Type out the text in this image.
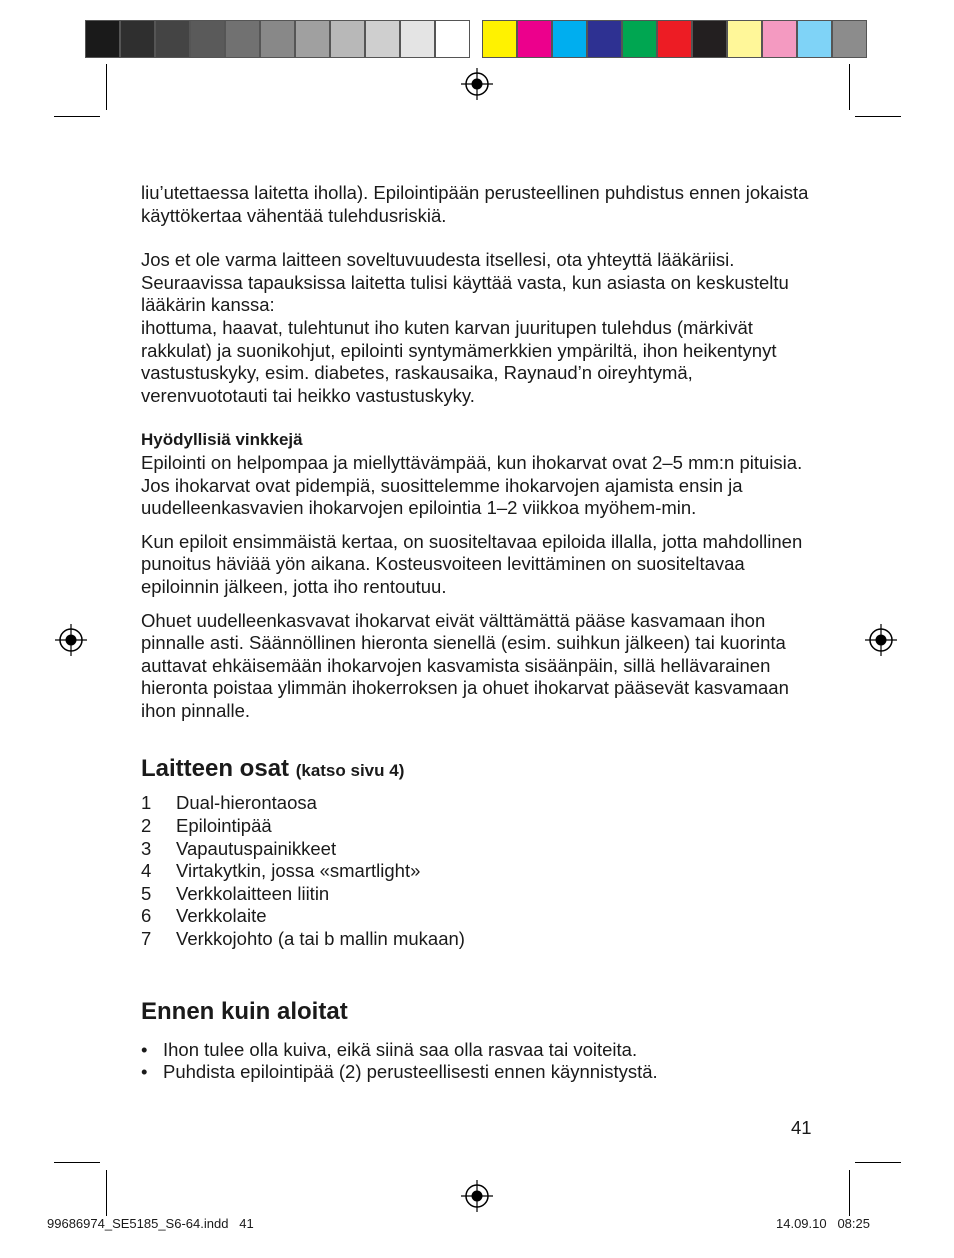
liu’utettaessa laitetta iholla). Epilointipään perusteellinen puhdistus ennen jokaista käyttökertaa vähentää tulehdusriskiä.

Jos et ole varma laitteen soveltuvuudesta itsellesi, ota yhteyttä lääkäriisi.

Seuraavissa tapauksissa laitetta tulisi käyttää vasta, kun asiasta on keskusteltu lääkärin kanssa:

ihottuma, haavat, tulehtunut iho kuten karvan juuritupen tulehdus (märkivät rakkulat) ja suonikohjut, epilointi syntymämerkkien ympäriltä, ihon heikentynyt vastustuskyky, esim. diabetes, raskausaika, Raynaud’n oireyhtymä, verenvuototauti tai heikko vastustuskyky.

Hyödyllisiä vinkkejä

Epilointi on helpompaa ja miellyttävämpää, kun ihokarvat ovat 2–5 mm:n pituisia. Jos ihokarvat ovat pidempiä, suosittelemme ihokarvojen ajamista ensin ja uudelleenkasvavien ihokarvojen epilointia 1–2 viikkoa myöhem-min.

Kun epiloit ensimmäistä kertaa, on suositeltavaa epiloida illalla, jotta mahdollinen punoitus häviää yön aikana. Kosteusvoiteen levittäminen on suositeltavaa epiloinnin jälkeen, jotta iho rentoutuu.

Ohuet uudelleenkasvavat ihokarvat eivät välttämättä pääse kasvamaan ihon pinnalle asti. Säännöllinen hieronta sienellä (esim. suihkun jälkeen) tai kuorinta auttavat ehkäisemään ihokarvojen kasvamista sisäänpäin, sillä hellävarainen hieronta poistaa ylimmän ihokerroksen ja ohuet ihokarvat pääsevät kasvamaan ihon pinnalle.

Laitteen osat (katso sivu 4)
1	Dual-hierontaosa
2	Epilointipää
3	Vapautuspainikkeet
4	Virtakytkin, jossa «smartlight»
5	Verkkolaitteen liitin
6	Verkkolaite
7	Verkkojohto (a tai b mallin mukaan)
Ennen kuin aloitat
• Ihon tulee olla kuiva, eikä siinä saa olla rasvaa tai voiteita.
• Puhdista epilointipää (2) perusteellisesti ennen käynnistystä.
41
99686974_SE5185_S6-64.indd   41	14.09.10   08:25
